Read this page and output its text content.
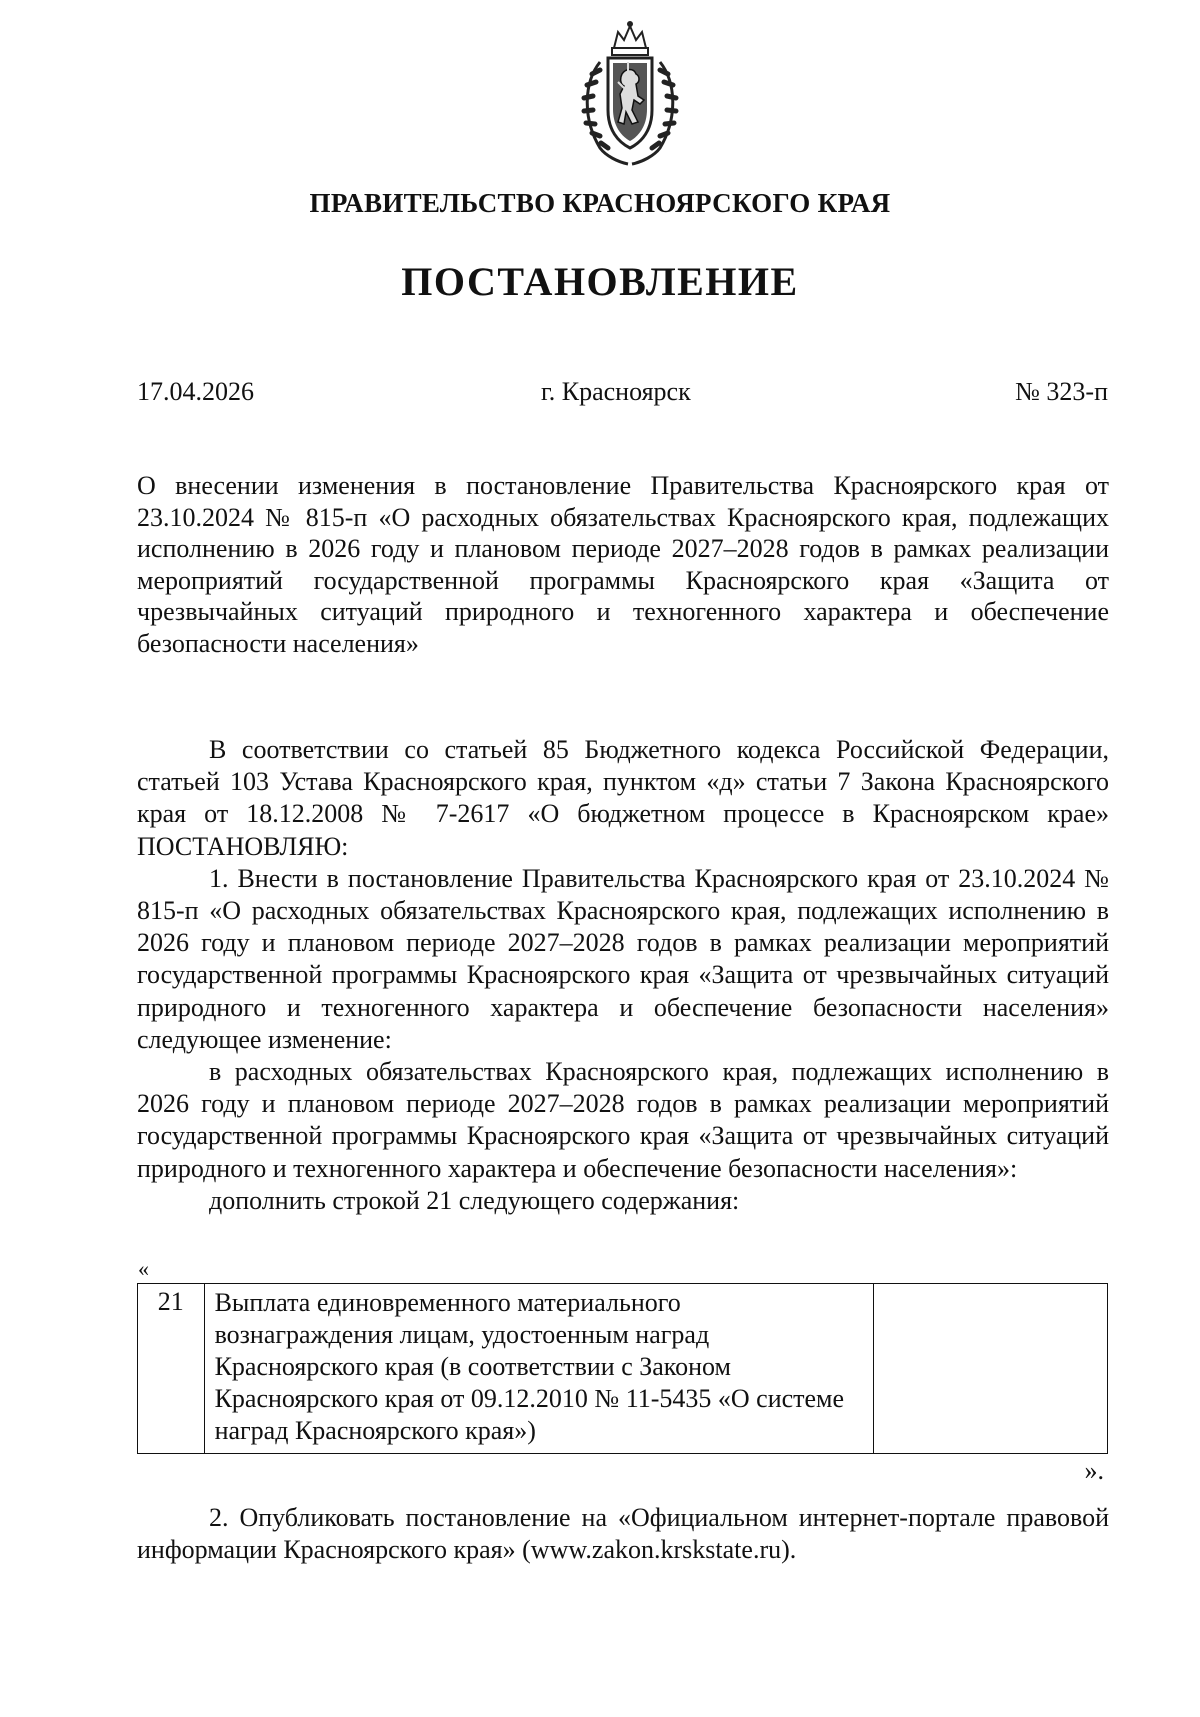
ПРАВИТЕЛЬСТВО КРАСНОЯРСКОГО КРАЯ
ПОСТАНОВЛЕНИЕ
17.04.2026	г. Красноярск	№ 323-п
О внесении изменения в постановление Правительства Красноярского края от 23.10.2024 № 815-п «О расходных обязательствах Красноярского края, подлежащих исполнению в 2026 году и плановом периоде 2027–2028 годов в рамках реализации мероприятий государственной программы Красноярского края «Защита от чрезвычайных ситуаций природного и техногенного характера и обеспечение безопасности населения»

В соответствии со статьей 85 Бюджетного кодекса Российской Федерации, статьей 103 Устава Красноярского края, пунктом «д» статьи 7 Закона Красноярского края от 18.12.2008 № 7-2617 «О бюджетном процессе в Красноярском крае» ПОСТАНОВЛЯЮ:

1. Внести в постановление Правительства Красноярского края от 23.10.2024 № 815-п «О расходных обязательствах Красноярского края, подлежащих исполнению в 2026 году и плановом периоде 2027–2028 годов в рамках реализации мероприятий государственной программы Красноярского края «Защита от чрезвычайных ситуаций природного и техногенного характера и обеспечение безопасности населения» следующее изменение:

в расходных обязательствах Красноярского края, подлежащих исполнению в 2026 году и плановом периоде 2027–2028 годов в рамках реализации мероприятий государственной программы Красноярского края «Защита от чрезвычайных ситуаций природного и техногенного характера и обеспечение безопасности населения»:

дополнить строкой 21 следующего содержания:

«
21	Выплата единовременного материального вознаграждения лицам, удостоенным наград Красноярского края (в соответствии с Законом Красноярского края от 09.12.2010 № 11-5435 «О системе наград Красноярского края»)	
».

2. Опубликовать постановление на «Официальном интернет-портале правовой информации Красноярского края» (www.zakon.krskstate.ru).
